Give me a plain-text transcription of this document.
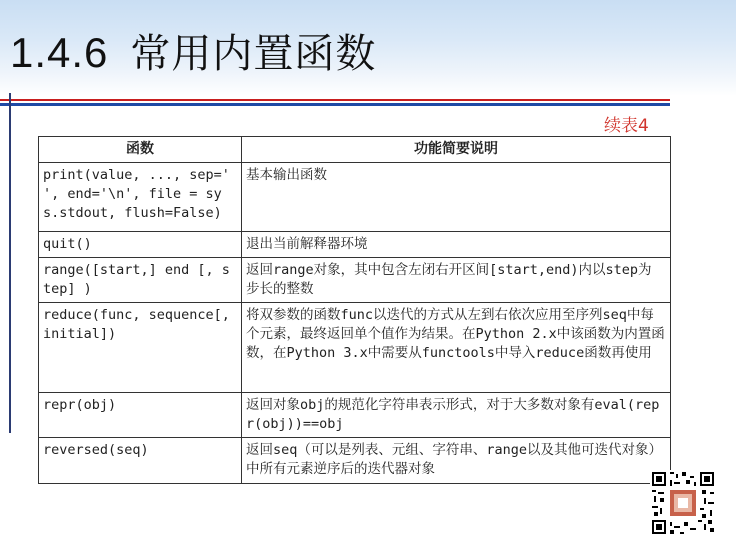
1.4.6 常用内置函数
续表4
函数	功能简要说明
print(value, ..., sep=' ', end='\n', file = sys.stdout, flush=False)	基本输出函数
quit()	退出当前解释器环境
range([start,] end [, step] )	返回range对象，其中包含左闭右开区间[start,end)内以step为步长的整数
reduce(func, sequence[, initial])	将双参数的函数func以迭代的方式从左到右依次应用至序列seq中每个元素，最终返回单个值作为结果。在Python 2.x中该函数为内置函数，在Python 3.x中需要从functools中导入reduce函数再使用
repr(obj)	返回对象obj的规范化字符串表示形式，对于大多数对象有eval(repr(obj))==obj
reversed(seq)	返回seq（可以是列表、元组、字符串、range以及其他可迭代对象）中所有元素逆序后的迭代器对象
